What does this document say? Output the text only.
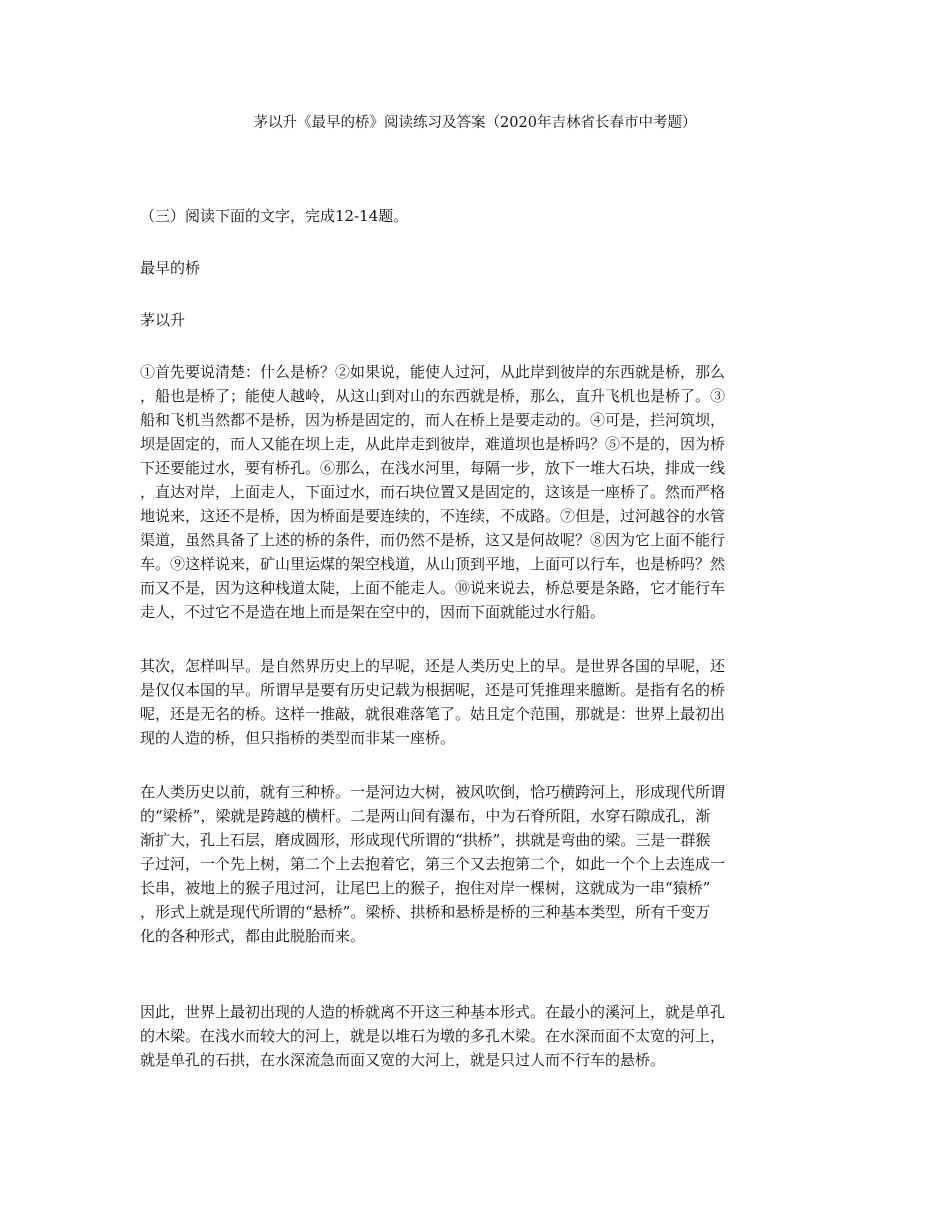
茅以升《最早的桥》阅读练习及答案（2020年吉林省长春市中考题）

（三）阅读下面的文字，完成12-14题。

最早的桥

茅以升

①首先要说清楚：什么是桥？②如果说，能使人过河，从此岸到彼岸的东西就是桥，那么

，船也是桥了；能使人越岭，从这山到对山的东西就是桥，那么，直升飞机也是桥了。③

船和飞机当然都不是桥，因为桥是固定的，而人在桥上是要走动的。④可是，拦河筑坝，

坝是固定的，而人又能在坝上走，从此岸走到彼岸，难道坝也是桥吗？⑤不是的，因为桥

下还要能过水，要有桥孔。⑥那么，在浅水河里，每隔一步，放下一堆大石块，排成一线

，直达对岸，上面走人，下面过水，而石块位置又是固定的，这该是一座桥了。然而严格

地说来，这还不是桥，因为桥面是要连续的，不连续，不成路。⑦但是，过河越谷的水管

渠道，虽然具备了上述的桥的条件，而仍然不是桥，这又是何故呢？⑧因为它上面不能行

车。⑨这样说来，矿山里运煤的架空栈道，从山顶到平地，上面可以行车，也是桥吗？然

而又不是，因为这种栈道太陡，上面不能走人。⑩说来说去，桥总要是条路，它才能行车

走人，不过它不是造在地上而是架在空中的，因而下面就能过水行船。

其次，怎样叫早。是自然界历史上的早呢，还是人类历史上的早。是世界各国的早呢，还

是仅仅本国的早。所谓早是要有历史记载为根据呢，还是可凭推理来臆断。是指有名的桥

呢，还是无名的桥。这样一推敲，就很难落笔了。姑且定个范围，那就是：世界上最初出

现的人造的桥，但只指桥的类型而非某一座桥。

在人类历史以前，就有三种桥。一是河边大树，被风吹倒，恰巧横跨河上，形成现代所谓

的“梁桥”，梁就是跨越的横杆。二是两山间有瀑布，中为石脊所阻，水穿石隙成孔，渐

渐扩大，孔上石层，磨成圆形，形成现代所谓的“拱桥”，拱就是弯曲的梁。三是一群猴

子过河，一个先上树，第二个上去抱着它，第三个又去抱第二个，如此一个个上去连成一

长串，被地上的猴子甩过河，让尾巴上的猴子，抱住对岸一棵树，这就成为一串“猿桥”

，形式上就是现代所谓的“悬桥”。梁桥、拱桥和悬桥是桥的三种基本类型，所有千变万

化的各种形式，都由此脱胎而来。

因此，世界上最初出现的人造的桥就离不开这三种基本形式。在最小的溪河上，就是单孔

的木梁。在浅水而较大的河上，就是以堆石为墩的多孔木梁。在水深而面不太宽的河上，

就是单孔的石拱，在水深流急而面又宽的大河上，就是只过人而不行车的悬桥。
